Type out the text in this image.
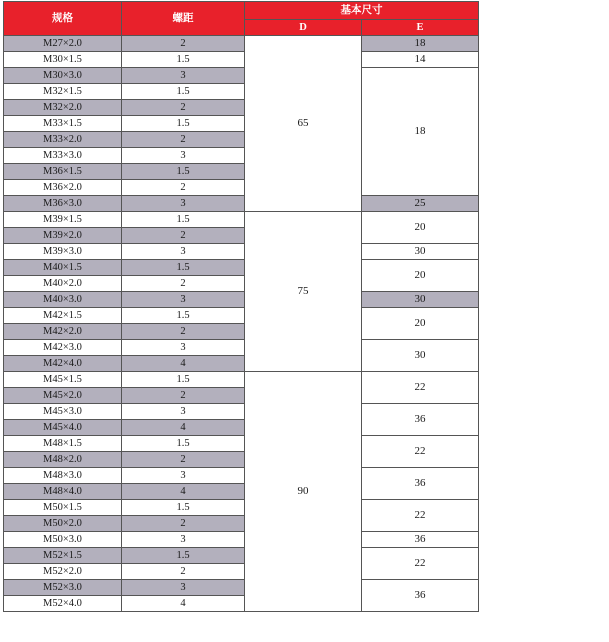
规格	螺距	基本尺寸	
		D	E
M27×2.0	2	65	18
M30×1.5	1.5		14
M30×3.0	3		18
M32×1.5	1.5		
M32×2.0	2		
M33×1.5	1.5		
M33×2.0	2		
M33×3.0	3		
M36×1.5	1.5		
M36×2.0	2		
M36×3.0	3		25
M39×1.5	1.5	75	20
M39×2.0	2		
M39×3.0	3		30
M40×1.5	1.5		20
M40×2.0	2		
M40×3.0	3		30
M42×1.5	1.5		20
M42×2.0	2		
M42×3.0	3		30
M42×4.0	4		
M45×1.5	1.5	90	22
M45×2.0	2		
M45×3.0	3		36
M45×4.0	4		
M48×1.5	1.5		22
M48×2.0	2		
M48×3.0	3		36
M48×4.0	4		
M50×1.5	1.5		22
M50×2.0	2		
M50×3.0	3		36
M52×1.5	1.5		22
M52×2.0	2		
M52×3.0	3		36
M52×4.0	4		
